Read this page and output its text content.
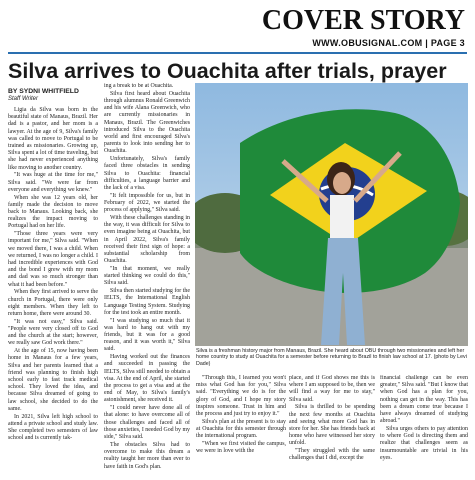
COVER STORY
WWW.OBUSIGNAL.COM | PAGE 3
Silva arrives to Ouachita after trials, prayer
BY SYDNI WHITFIELD
Staff Writer

Ligia da Silva was born in the beautiful state of Manaus, Brazil. Her dad is a pastor, and her mom is a lawyer. At the age of 9, Silva's family was called to move to Portugal to be trained as missionaries. Growing up, Silva spent a lot of time traveling, but she had never experienced anything like moving to another country.

"It was huge at the time for me," Silva said. "We were far from everyone and everything we knew."

When she was 12 years old, her family made the decision to move back to Manaus. Looking back, she realizes the impact moving to Portugal had on her life.

"Those three years were very important for me," Silva said. "When we moved there, I was a child. When we returned, I was no longer a child. I had incredible experiences with God and the bond I grew with my mom and dad was so much stronger than what it had been before."

When they first arrived to serve the church in Portugal, there were only eight members. When they left to return home, there were around 30.

"It was not easy," Silva said. "People were very closed off to God and the church at the start; however, we really saw God work there."

At the age of 15, now having been home in Manaus for a few years, Silva and her parents learned that a friend was planning to finish high school early to fast track medical school. They loved the idea, and because Silva dreamed of going to law school, she decided to do the same.

In 2021, Silva left high school to attend a private school and study law. She completed two semesters of law school and is currently tak-

ing a break to be at Ouachita.

Silva first heard about Ouachita through alumnus Ronald Greenwich and his wife Alana Greenwich, who are currently missionaries in Manaus, Brazil. The Greenwiches introduced Silva to the Ouachita world and first encouraged Silva's parents to look into sending her to Ouachita.

Unfortunately, Silva's family faced three obstacles in sending Silva to Ouachita: financial difficulties, a language barrier and the lack of a visa.

"It felt impossible for us, but in February of 2022, we started the process of applying," Silva said.

With these challenges standing in the way, it was difficult for Silva to even imagine being at Ouachita, but in April 2022, Silva's family received their first sign of hope: a substantial scholarship from Ouachita.

"In that moment, we really started thinking we could do this," Silva said.

Silva then started studying for the IELTS, the International English Language Testing System. Studying for the test took an entire month.

"I was studying so much that it was hard to hang out with my friends, but it was for a good reason, and it was worth it," Silva said.

Having worked out the finances and succeeded in passing the IELTS, Silva still needed to obtain a visa. At the end of April, she started the process to get a visa and at the end of May, to Silva's family's astonishment, she received it.

"I could never have done all of that alone: to have overcome all of those challenges and faced all of those anxieties, I needed God by my side," Silva said.

The obstacles Silva had to overcome to make this dream a reality taught her more than ever to have faith in God's plan.

Silva is a freshman history major from Manaus, Brazil. She heard about OBU through two missionaries and left her home country to study at Ouachita for a semester before returning to Brazil to finish law school at 17. (photo by Levi Dade)

"Through this, I learned you won't miss what God has for you," Silva said. "Everything we do is for the glory of God, and I hope my story inspires someone. Trust in him and the process and just try to enjoy it."

Silva's plan at the present is to stay at Ouachita for this semester through the international program.

"When we first visited the campus, we were in love with the

place, and if God shows me this is where I am supposed to be, then we will find a way for me to stay," Silva said.

Silva is thrilled to be spending the next few months at Ouachita and seeing what more God has in store for her. She has friends back at home who have witnessed her story unfold.

"They struggled with the same challenges that I did, except the

financial challenge can be even greater," Silva said. "But I know that when God has a plan for you, nothing can get in the way. This has been a dream come true because I have always dreamed of studying abroad."

Silva urges others to pay attention to where God is directing them and realize that challenges seem as insurmountable are trivial in his eyes.
